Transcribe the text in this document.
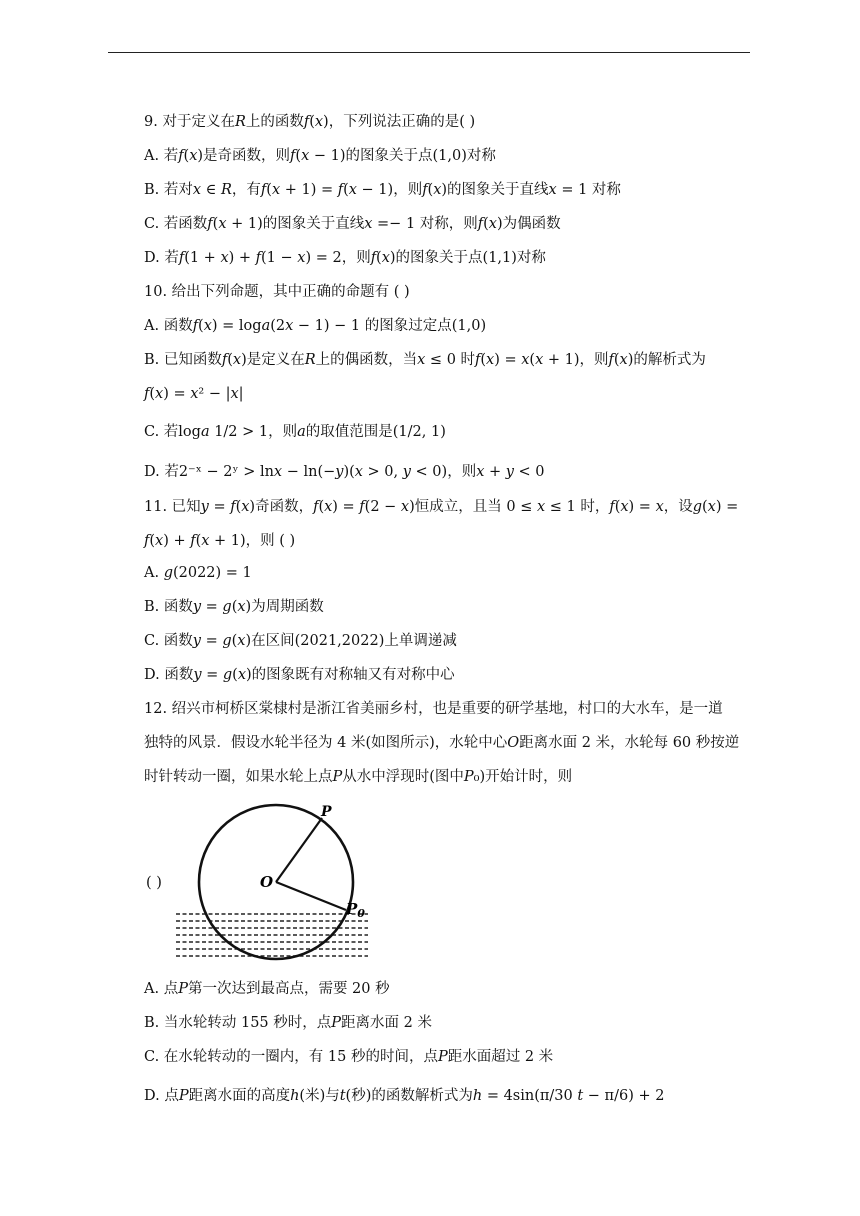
9. 对于定义在𝑅上的函数𝑓(𝑥)，下列说法正确的是( )
A. 若𝑓(𝑥)是奇函数，则𝑓(𝑥 − 1)的图象关于点(1,0)对称
B. 若对𝑥 ∈ 𝑅，有𝑓(𝑥 + 1) = 𝑓(𝑥 − 1)，则𝑓(𝑥)的图象关于直线𝑥 = 1 对称
C. 若函数𝑓(𝑥 + 1)的图象关于直线𝑥 =− 1 对称，则𝑓(𝑥)为偶函数
D. 若𝑓(1 + 𝑥) + 𝑓(1 − 𝑥) = 2，则𝑓(𝑥)的图象关于点(1,1)对称
10. 给出下列命题，其中正确的命题有 ( )
A. 函数𝑓(𝑥) = log𝑎(2𝑥 − 1) − 1 的图象过定点(1,0)
B. 已知函数𝑓(𝑥)是定义在𝑅上的偶函数，当𝑥 ≤ 0 时𝑓(𝑥) = 𝑥(𝑥 + 1)，则𝑓(𝑥)的解析式为
𝑓(𝑥) = 𝑥² − |𝑥|
C. 若log𝑎 1/2 > 1，则𝑎的取值范围是(1/2, 1)
D. 若2⁻ˣ − 2ʸ > ln𝑥 − ln(−𝑦)(𝑥 > 0, 𝑦 < 0)，则𝑥 + 𝑦 < 0
11. 已知𝑦 = 𝑓(𝑥)奇函数，𝑓(𝑥) = 𝑓(2 − 𝑥)恒成立，且当 0 ≤ 𝑥 ≤ 1 时，𝑓(𝑥) = 𝑥，设𝑔(𝑥) =
𝑓(𝑥) + 𝑓(𝑥 + 1)，则 ( )
A. 𝑔(2022) = 1
B. 函数𝑦 = 𝑔(𝑥)为周期函数
C. 函数𝑦 = 𝑔(𝑥)在区间(2021,2022)上单调递减
D. 函数𝑦 = 𝑔(𝑥)的图象既有对称轴又有对称中心
12. 绍兴市柯桥区棠棣村是浙江省美丽乡村，也是重要的研学基地，村口的大水车，是一道
独特的风景．假设水轮半径为 4 米(如图所示)，水轮中心𝑂距离水面 2 米，水轮每 60 秒按逆
时针转动一圈，如果水轮上点𝑃从水中浮现时(图中𝑃₀)开始计时，则
( )
P
O
$P_0$
A. 点𝑃第一次达到最高点，需要 20 秒
B. 当水轮转动 155 秒时，点𝑃距离水面 2 米
C. 在水轮转动的一圈内，有 15 秒的时间，点𝑃距水面超过 2 米
D. 点𝑃距离水面的高度ℎ(米)与𝑡(秒)的函数解析式为ℎ = 4sin(π/30 𝑡 − π/6) + 2
